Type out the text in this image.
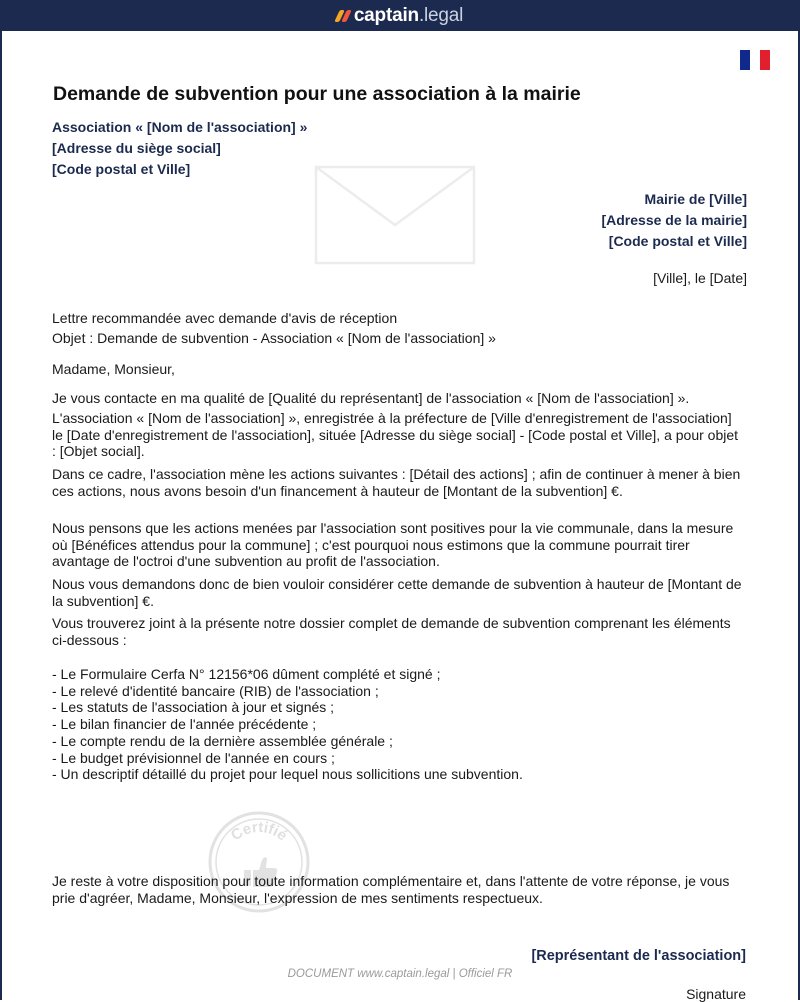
captain .legal
Demande de subvention pour une association à la mairie
Association « [Nom de l'association] »
[Adresse du siège social]
[Code postal et Ville]
Mairie de [Ville]
[Adresse de la mairie]
[Code postal et Ville]
[Ville], le [Date]
Lettre recommandée avec demande d'avis de réception
Objet : Demande de subvention - Association « [Nom de l'association] »
Madame, Monsieur,
Je vous contacte en ma qualité de [Qualité du représentant] de l'association « [Nom de l'association] ».
L'association « [Nom de l'association] », enregistrée à la préfecture de [Ville d'enregistrement de l'association] le [Date d'enregistrement de l'association], située [Adresse du siège social] - [Code postal et Ville], a pour objet : [Objet social].
Dans ce cadre, l'association mène les actions suivantes : [Détail des actions] ; afin de continuer à mener à bien ces actions, nous avons besoin d'un financement à hauteur de [Montant de la subvention] €.
Nous pensons que les actions menées par l'association sont positives pour la vie communale, dans la mesure où [Bénéfices attendus pour la commune] ; c'est pourquoi nous estimons que la commune pourrait tirer avantage de l'octroi d'une subvention au profit de l'association.
Nous vous demandons donc de bien vouloir considérer cette demande de subvention à hauteur de [Montant de la subvention] €.
Vous trouverez joint à la présente notre dossier complet de demande de subvention comprenant les éléments ci-dessous :
- Le Formulaire Cerfa N° 12156*06 dûment complété et signé ;
- Le relevé d'identité bancaire (RIB) de l'association ;
- Les statuts de l'association à jour et signés ;
- Le bilan financier de l'année précédente ;
- Le compte rendu de la dernière assemblée générale ;
- Le budget prévisionnel de l'année en cours ;
- Un descriptif détaillé du projet pour lequel nous sollicitions une subvention.
Certifié
Je reste à votre disposition pour toute information complémentaire et, dans l'attente de votre réponse, je vous prie d'agréer, Madame, Monsieur, l'expression de mes sentiments respectueux.
[Représentant de l'association]
DOCUMENT www.captain.legal | Officiel FR
Signature
